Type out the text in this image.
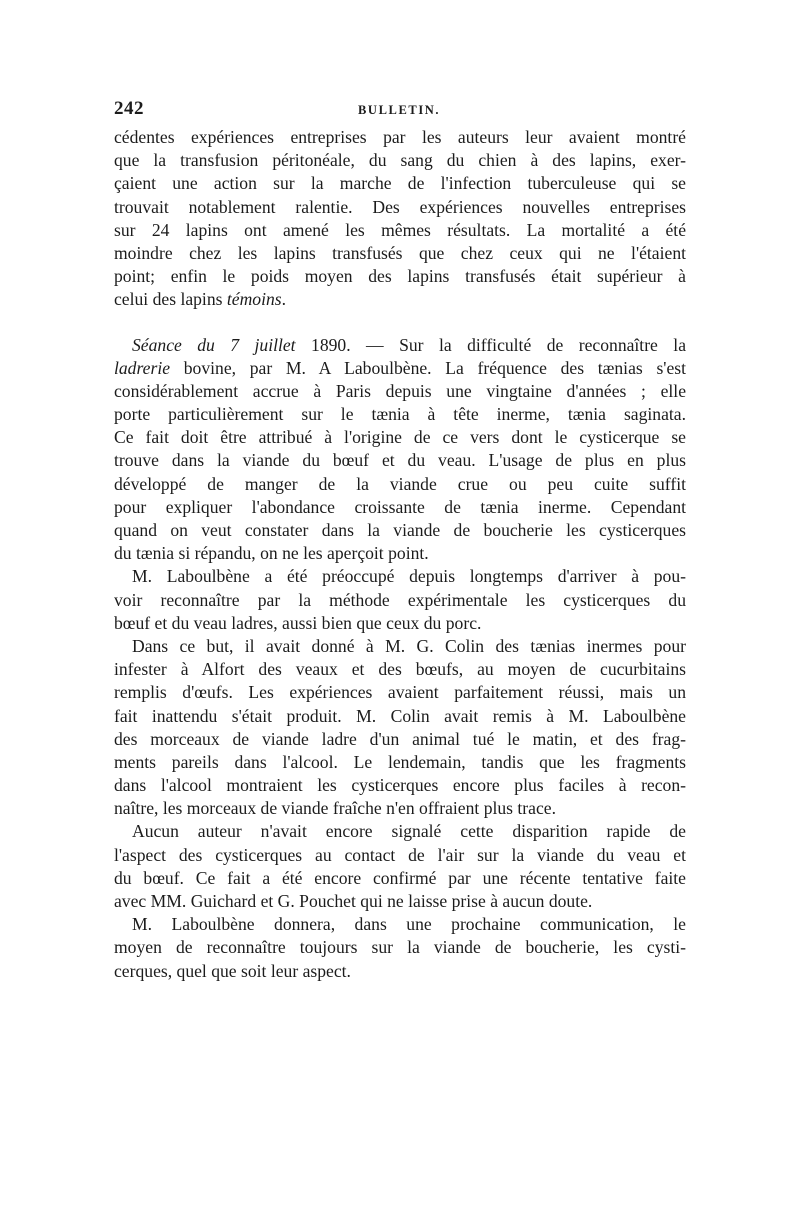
242	BULLETIN.
cédentes expériences entreprises par les auteurs leur avaient montré
que la transfusion péritonéale, du sang du chien à des lapins, exer-
çaient une action sur la marche de l'infection tuberculeuse qui se
trouvait notablement ralentie. Des expériences nouvelles entreprises
sur 24 lapins ont amené les mêmes résultats. La mortalité a été
moindre chez les lapins transfusés que chez ceux qui ne l'étaient
point; enfin le poids moyen des lapins transfusés était supérieur à
celui des lapins témoins.
Séance du 7 juillet 1890. — Sur la difficulté de reconnaître la
ladrerie bovine, par M. A Laboulbène. La fréquence des tænias s'est
considérablement accrue à Paris depuis une vingtaine d'années ; elle
porte particulièrement sur le tænia à tête inerme, tænia saginata.
Ce fait doit être attribué à l'origine de ce vers dont le cysticerque se
trouve dans la viande du bœuf et du veau. L'usage de plus en plus
développé de manger de la viande crue ou peu cuite suffit
pour expliquer l'abondance croissante de tænia inerme. Cependant
quand on veut constater dans la viande de boucherie les cysticerques
du tænia si répandu, on ne les aperçoit point.
M. Laboulbène a été préoccupé depuis longtemps d'arriver à pou-
voir reconnaître par la méthode expérimentale les cysticerques du
bœuf et du veau ladres, aussi bien que ceux du porc.
Dans ce but, il avait donné à M. G. Colin des tænias inermes pour
infester à Alfort des veaux et des bœufs, au moyen de cucurbitains
remplis d'œufs. Les expériences avaient parfaitement réussi, mais un
fait inattendu s'était produit. M. Colin avait remis à M. Laboulbène
des morceaux de viande ladre d'un animal tué le matin, et des frag-
ments pareils dans l'alcool. Le lendemain, tandis que les fragments
dans l'alcool montraient les cysticerques encore plus faciles à recon-
naître, les morceaux de viande fraîche n'en offraient plus trace.
Aucun auteur n'avait encore signalé cette disparition rapide de
l'aspect des cysticerques au contact de l'air sur la viande du veau et
du bœuf. Ce fait a été encore confirmé par une récente tentative faite
avec MM. Guichard et G. Pouchet qui ne laisse prise à aucun doute.
M. Laboulbène donnera, dans une prochaine communication, le
moyen de reconnaître toujours sur la viande de boucherie, les cysti-
cerques, quel que soit leur aspect.
